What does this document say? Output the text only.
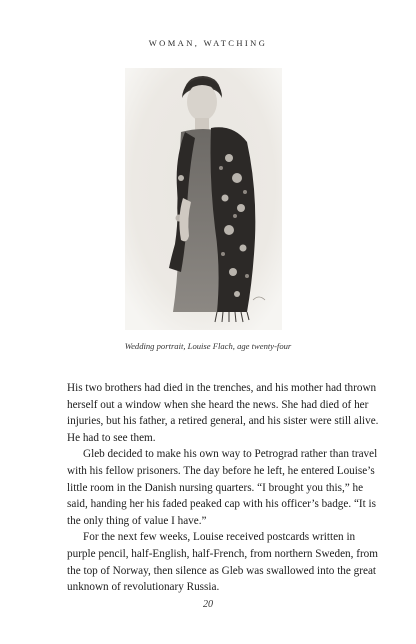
WOMAN, WATCHING
Wedding portrait, Louise Flach, age twenty-four
His two brothers had died in the trenches, and his mother had thrown
herself out a window when she heard the news. She had died of her
injuries, but his father, a retired general, and his sister were still alive.
He had to see them.
Gleb decided to make his own way to Petrograd rather than travel
with his fellow prisoners. The day before he left, he entered Louise’s
little room in the Danish nursing quarters. “I brought you this,” he
said, handing her his faded peaked cap with his officer’s badge. “It is
the only thing of value I have.”
For the next few weeks, Louise received postcards written in
purple pencil, half-English, half-French, from northern Sweden, from
the top of Norway, then silence as Gleb was swallowed into the great
unknown of revolutionary Russia.
20
